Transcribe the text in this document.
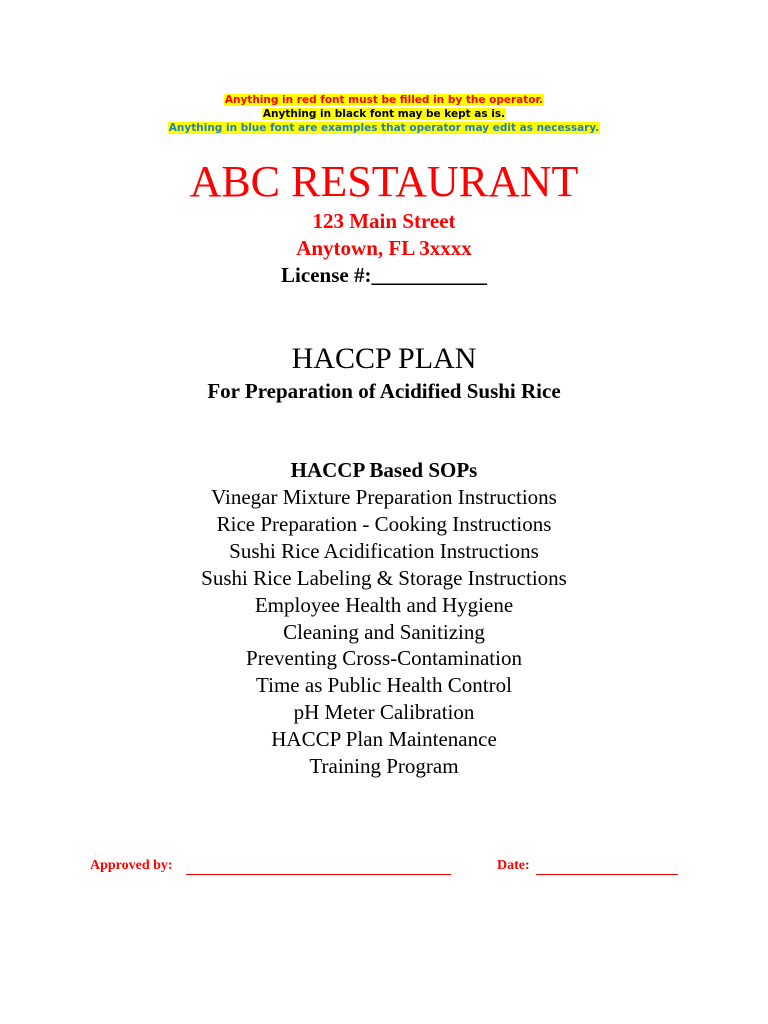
Anything in red font must be filled in by the operator.
Anything in black font may be kept as is.
Anything in blue font are examples that operator may edit as necessary.
ABC RESTAURANT
123 Main Street
Anytown, FL 3xxxx
License #:___________
HACCP PLAN
For Preparation of Acidified Sushi Rice
HACCP Based SOPs
Vinegar Mixture Preparation Instructions
Rice Preparation - Cooking Instructions
Sushi Rice Acidification Instructions
Sushi Rice Labeling & Storage Instructions
Employee Health and Hygiene
Cleaning and Sanitizing
Preventing Cross-Contamination
Time as Public Health Control
pH Meter Calibration
HACCP Plan Maintenance
Training Program
Approved by:	Date:
